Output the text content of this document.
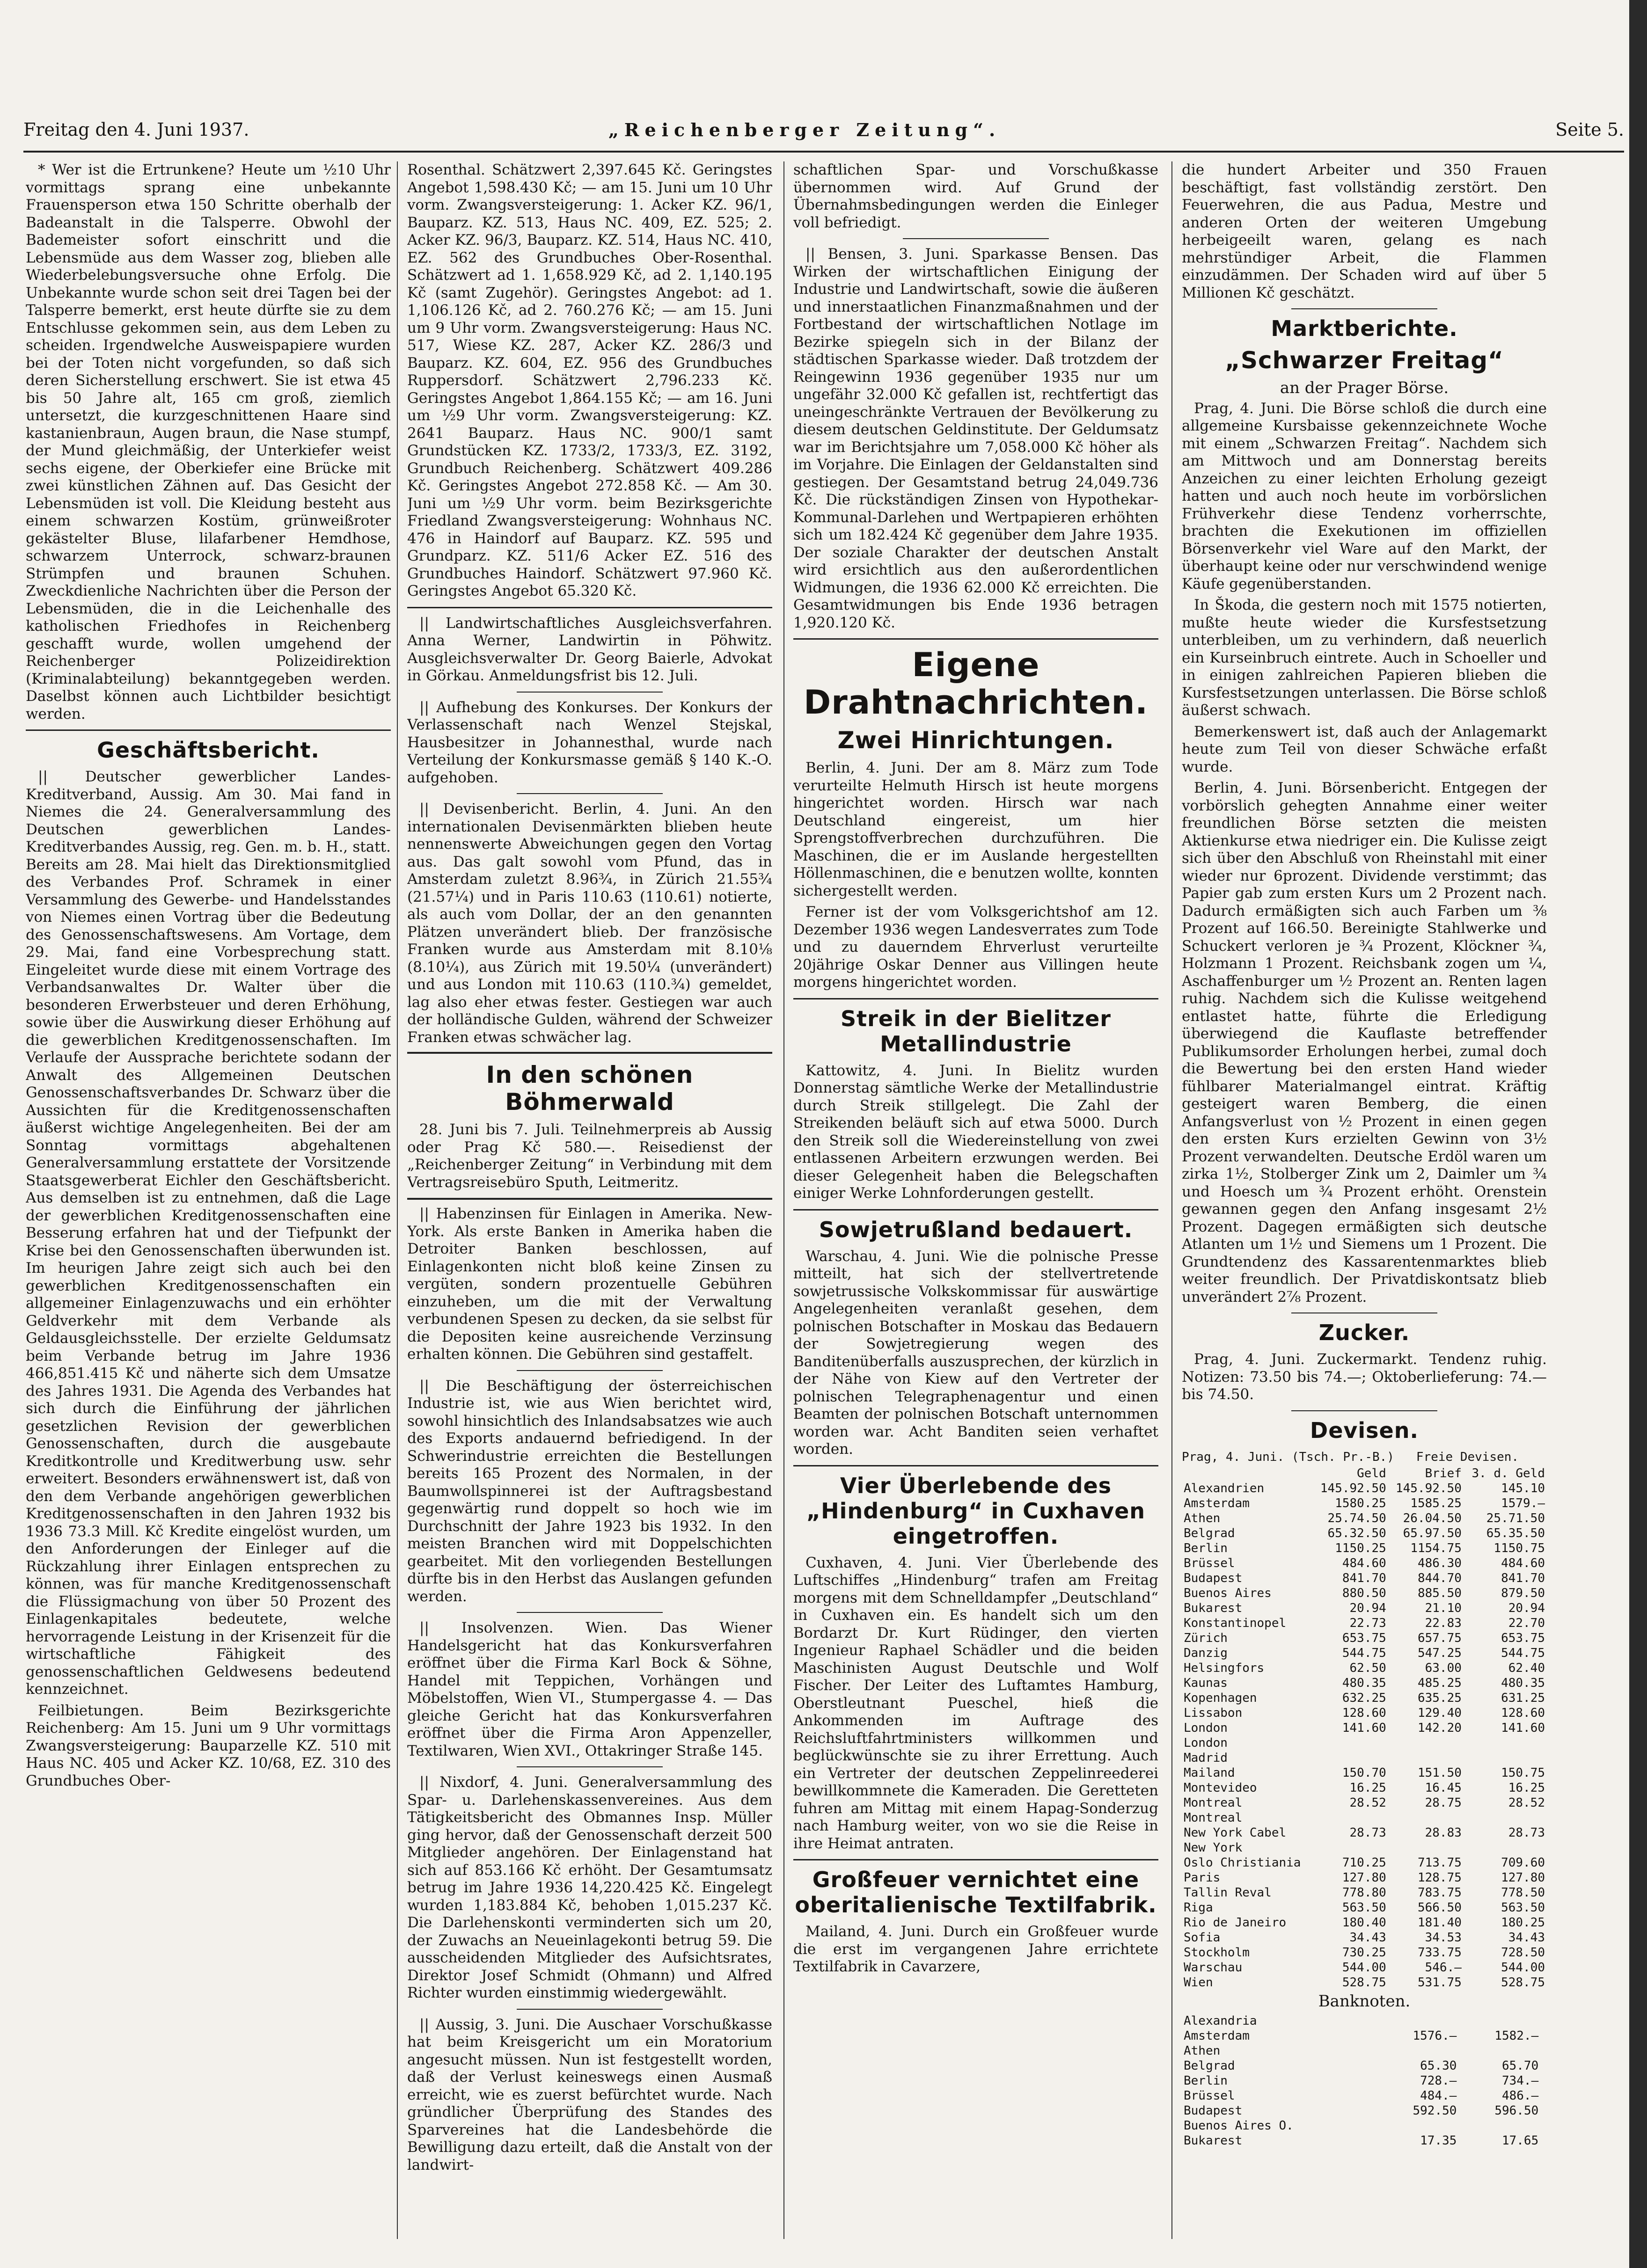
Freitag den 4. Juni 1937.	„Reichenberger Zeitung“.	Seite 5.

* Wer ist die Ertrunkene? Heute um ½10 Uhr vormittags sprang eine unbekannte Frauensperson etwa 150 Schritte oberhalb der Badeanstalt in die Talsperre. Obwohl der Bademeister sofort einschritt und die Lebensmüde aus dem Wasser zog, blieben alle Wiederbelebungsversuche ohne Erfolg. Die Unbekannte wurde schon seit drei Tagen bei der Talsperre bemerkt, erst heute dürfte sie zu dem Entschlusse gekommen sein, aus dem Leben zu scheiden. Irgendwelche Ausweispapiere wurden bei der Toten nicht vorgefunden, so daß sich deren Sicherstellung erschwert. Sie ist etwa 45 bis 50 Jahre alt, 165 cm groß, ziemlich untersetzt, die kurzgeschnittenen Haare sind kastanienbraun, Augen braun, die Nase stumpf, der Mund gleichmäßig, der Unterkiefer weist sechs eigene, der Oberkiefer eine Brücke mit zwei künstlichen Zähnen auf. Das Gesicht der Lebensmüden ist voll. Die Kleidung besteht aus einem schwarzen Kostüm, grünweißroter gekästelter Bluse, lilafarbener Hemdhose, schwarzem Unterrock, schwarz-braunen Strümpfen und braunen Schuhen. Zweckdienliche Nachrichten über die Person der Lebensmüden, die in die Leichenhalle des katholischen Friedhofes in Reichenberg geschafft wurde, wollen umgehend der Reichenberger Polizeidirektion (Kriminalabteilung) bekanntgegeben werden. Daselbst können auch Lichtbilder besichtigt werden.

Geschäftsbericht.

|| Deutscher gewerblicher Landes-Kreditverband, Aussig. Am 30. Mai fand in Niemes die 24. Generalversammlung des Deutschen gewerblichen Landes-Kreditverbandes Aussig, reg. Gen. m. b. H., statt. Bereits am 28. Mai hielt das Direktionsmitglied des Verbandes Prof. Schramek in einer Versammlung des Gewerbe- und Handelsstandes von Niemes einen Vortrag über die Bedeutung des Genossenschaftswesens. Am Vortage, dem 29. Mai, fand eine Vorbesprechung statt. Eingeleitet wurde diese mit einem Vortrage des Verbandsanwaltes Dr. Walter über die besonderen Erwerbsteuer und deren Erhöhung, sowie über die Auswirkung dieser Erhöhung auf die gewerblichen Kreditgenossenschaften. Im Verlaufe der Aussprache berichtete sodann der Anwalt des Allgemeinen Deutschen Genossenschaftsverbandes Dr. Schwarz über die Aussichten für die Kreditgenossenschaften äußerst wichtige Angelegenheiten. Bei der am Sonntag vormittags abgehaltenen Generalversammlung erstattete der Vorsitzende Staatsgewerberat Eichler den Geschäftsbericht. Aus demselben ist zu entnehmen, daß die Lage der gewerblichen Kreditgenossenschaften eine Besserung erfahren hat und der Tiefpunkt der Krise bei den Genossenschaften überwunden ist. Im heurigen Jahre zeigt sich auch bei den gewerblichen Kreditgenossenschaften ein allgemeiner Einlagenzuwachs und ein erhöhter Geldverkehr mit dem Verbande als Geldausgleichsstelle. Der erzielte Geldumsatz beim Verbande betrug im Jahre 1936 466,851.415 Kč und näherte sich dem Umsatze des Jahres 1931. Die Agenda des Verbandes hat sich durch die Einführung der jährlichen gesetzlichen Revision der gewerblichen Genossenschaften, durch die ausgebaute Kreditkontrolle und Kreditwerbung usw. sehr erweitert. Besonders erwähnenswert ist, daß von den dem Verbande angehörigen gewerblichen Kreditgenossenschaften in den Jahren 1932 bis 1936 73.3 Mill. Kč Kredite eingelöst wurden, um den Anforderungen der Einleger auf die Rückzahlung ihrer Einlagen entsprechen zu können, was für manche Kreditgenossenschaft die Flüssigmachung von über 50 Prozent des Einlagenkapitales bedeutete, welche hervorragende Leistung in der Krisenzeit für die wirtschaftliche Fähigkeit des genossenschaftlichen Geldwesens bedeutend kennzeichnet.

Feilbietungen. Beim Bezirksgerichte Reichenberg: Am 15. Juni um 9 Uhr vormittags Zwangsversteigerung: Bauparzelle KZ. 510 mit Haus NC. 405 und Acker KZ. 10/68, EZ. 310 des Grundbuches Ober-

Rosenthal. Schätzwert 2,397.645 Kč. Geringstes Angebot 1,598.430 Kč; — am 15. Juni um 10 Uhr vorm. Zwangsversteigerung: 1. Acker KZ. 96/1, Bauparz. KZ. 513, Haus NC. 409, EZ. 525; 2. Acker KZ. 96/3, Bauparz. KZ. 514, Haus NC. 410, EZ. 562 des Grundbuches Ober-Rosenthal. Schätzwert ad 1. 1,658.929 Kč, ad 2. 1,140.195 Kč (samt Zugehör). Geringstes Angebot: ad 1. 1,106.126 Kč, ad 2. 760.276 Kč; — am 15. Juni um 9 Uhr vorm. Zwangsversteigerung: Haus NC. 517, Wiese KZ. 287, Acker KZ. 286/3 und Bauparz. KZ. 604, EZ. 956 des Grundbuches Ruppersdorf. Schätzwert 2,796.233 Kč. Geringstes Angebot 1,864.155 Kč; — am 16. Juni um ½9 Uhr vorm. Zwangsversteigerung: KZ. 2641 Bauparz. Haus NC. 900/1 samt Grundstücken KZ. 1733/2, 1733/3, EZ. 3192, Grundbuch Reichenberg. Schätzwert 409.286 Kč. Geringstes Angebot 272.858 Kč. — Am 30. Juni um ½9 Uhr vorm. beim Bezirksgerichte Friedland Zwangsversteigerung: Wohnhaus NC. 476 in Haindorf auf Bauparz. KZ. 595 und Grundparz. KZ. 511/6 Acker EZ. 516 des Grundbuches Haindorf. Schätzwert 97.960 Kč. Geringstes Angebot 65.320 Kč.

|| Landwirtschaftliches Ausgleichsverfahren. Anna Werner, Landwirtin in Pöhwitz. Ausgleichsverwalter Dr. Georg Baierle, Advokat in Görkau. Anmeldungsfrist bis 12. Juli.

|| Aufhebung des Konkurses. Der Konkurs der Verlassenschaft nach Wenzel Stejskal, Hausbesitzer in Johannesthal, wurde nach Verteilung der Konkursmasse gemäß § 140 K.-O. aufgehoben.

|| Devisenbericht. Berlin, 4. Juni. An den internationalen Devisenmärkten blieben heute nennenswerte Abweichungen gegen den Vortag aus. Das galt sowohl vom Pfund, das in Amsterdam zuletzt 8.96¾, in Zürich 21.55¾ (21.57¼) und in Paris 110.63 (110.61) notierte, als auch vom Dollar, der an den genannten Plätzen unverändert blieb. Der französische Franken wurde aus Amsterdam mit 8.10⅛ (8.10¼), aus Zürich mit 19.50¼ (unverändert) und aus London mit 110.63 (110.¾) gemeldet, lag also eher etwas fester. Gestiegen war auch der holländische Gulden, während der Schweizer Franken etwas schwächer lag.

In den schönen Böhmerwald

28. Juni bis 7. Juli. Teilnehmerpreis ab Aussig oder Prag Kč 580.—. Reisedienst der „Reichenberger Zeitung“ in Verbindung mit dem Vertragsreisebüro Sputh, Leitmeritz.

|| Habenzinsen für Einlagen in Amerika. New-York. Als erste Banken in Amerika haben die Detroiter Banken beschlossen, auf Einlagenkonten nicht bloß keine Zinsen zu vergüten, sondern prozentuelle Gebühren einzuheben, um die mit der Verwaltung verbundenen Spesen zu decken, da sie selbst für die Depositen keine ausreichende Verzinsung erhalten können. Die Gebühren sind gestaffelt.

|| Die Beschäftigung der österreichischen Industrie ist, wie aus Wien berichtet wird, sowohl hinsichtlich des Inlandsabsatzes wie auch des Exports andauernd befriedigend. In der Schwerindustrie erreichten die Bestellungen bereits 165 Prozent des Normalen, in der Baumwollspinnerei ist der Auftragsbestand gegenwärtig rund doppelt so hoch wie im Durchschnitt der Jahre 1923 bis 1932. In den meisten Branchen wird mit Doppelschichten gearbeitet. Mit den vorliegenden Bestellungen dürfte bis in den Herbst das Auslangen gefunden werden.

|| Insolvenzen. Wien. Das Wiener Handelsgericht hat das Konkursverfahren eröffnet über die Firma Karl Bock & Söhne, Handel mit Teppichen, Vorhängen und Möbelstoffen, Wien VI., Stumpergasse 4. — Das gleiche Gericht hat das Konkursverfahren eröffnet über die Firma Aron Appenzeller, Textilwaren, Wien XVI., Ottakringer Straße 145.

|| Nixdorf, 4. Juni. Generalversammlung des Spar- u. Darlehenskassenvereines. Aus dem Tätigkeitsbericht des Obmannes Insp. Müller ging hervor, daß der Genossenschaft derzeit 500 Mitglieder angehören. Der Einlagenstand hat sich auf 853.166 Kč erhöht. Der Gesamtumsatz betrug im Jahre 1936 14,220.425 Kč. Eingelegt wurden 1,183.884 Kč, behoben 1,015.237 Kč. Die Darlehenskonti verminderten sich um 20, der Zuwachs an Neueinlagekonti betrug 59. Die ausscheidenden Mitglieder des Aufsichtsrates, Direktor Josef Schmidt (Ohmann) und Alfred Richter wurden einstimmig wiedergewählt.

|| Aussig, 3. Juni. Die Auschaer Vorschußkasse hat beim Kreisgericht um ein Moratorium angesucht müssen. Nun ist festgestellt worden, daß der Verlust keineswegs einen Ausmaß erreicht, wie es zuerst befürchtet wurde. Nach gründlicher Überprüfung des Standes des Sparvereines hat die Landesbehörde die Bewilligung dazu erteilt, daß die Anstalt von der landwirt-

schaftlichen Spar- und Vorschußkasse übernommen wird. Auf Grund der Übernahmsbedingungen werden die Einleger voll befriedigt.

|| Bensen, 3. Juni. Sparkasse Bensen. Das Wirken der wirtschaftlichen Einigung der Industrie und Landwirtschaft, sowie die äußeren und innerstaatlichen Finanzmaßnahmen und der Fortbestand der wirtschaftlichen Notlage im Bezirke spiegeln sich in der Bilanz der städtischen Sparkasse wieder. Daß trotzdem der Reingewinn 1936 gegenüber 1935 nur um ungefähr 32.000 Kč gefallen ist, rechtfertigt das uneingeschränkte Vertrauen der Bevölkerung zu diesem deutschen Geldinstitute. Der Geldumsatz war im Berichtsjahre um 7,058.000 Kč höher als im Vorjahre. Die Einlagen der Geldanstalten sind gestiegen. Der Gesamtstand betrug 24,049.736 Kč. Die rückständigen Zinsen von Hypothekar-Kommunal-Darlehen und Wertpapieren erhöhten sich um 182.424 Kč gegenüber dem Jahre 1935. Der soziale Charakter der deutschen Anstalt wird ersichtlich aus den außerordentlichen Widmungen, die 1936 62.000 Kč erreichten. Die Gesamtwidmungen bis Ende 1936 betragen 1,920.120 Kč.

Eigene Drahtnachrichten.
Zwei Hinrichtungen.

Berlin, 4. Juni. Der am 8. März zum Tode verurteilte Helmuth Hirsch ist heute morgens hingerichtet worden. Hirsch war nach Deutschland eingereist, um hier Sprengstoffverbrechen durchzuführen. Die Maschinen, die er im Auslande hergestellten Höllenmaschinen, die e benutzen wollte, konnten sichergestellt werden.

Ferner ist der vom Volksgerichtshof am 12. Dezember 1936 wegen Landesverrates zum Tode und zu dauerndem Ehrverlust verurteilte 20jährige Oskar Denner aus Villingen heute morgens hingerichtet worden.

Streik in der Bielitzer Metallindustrie

Kattowitz, 4. Juni. In Bielitz wurden Donnerstag sämtliche Werke der Metallindustrie durch Streik stillgelegt. Die Zahl der Streikenden beläuft sich auf etwa 5000. Durch den Streik soll die Wiedereinstellung von zwei entlassenen Arbeitern erzwungen werden. Bei dieser Gelegenheit haben die Belegschaften einiger Werke Lohnforderungen gestellt.

Sowjetrußland bedauert.

Warschau, 4. Juni. Wie die polnische Presse mitteilt, hat sich der stellvertretende sowjetrussische Volkskommissar für auswärtige Angelegenheiten veranlaßt gesehen, dem polnischen Botschafter in Moskau das Bedauern der Sowjetregierung wegen des Banditenüberfalls auszusprechen, der kürzlich in der Nähe von Kiew auf den Vertreter der polnischen Telegraphenagentur und einen Beamten der polnischen Botschaft unternommen worden war. Acht Banditen seien verhaftet worden.

Vier Überlebende des „Hindenburg“ in Cuxhaven eingetroffen.

Cuxhaven, 4. Juni. Vier Überlebende des Luftschiffes „Hindenburg“ trafen am Freitag morgens mit dem Schnelldampfer „Deutschland“ in Cuxhaven ein. Es handelt sich um den Bordarzt Dr. Kurt Rüdinger, den vierten Ingenieur Raphael Schädler und die beiden Maschinisten August Deutschle und Wolf Fischer. Der Leiter des Luftamtes Hamburg, Oberstleutnant Pueschel, hieß die Ankommenden im Auftrage des Reichsluftfahrtministers willkommen und beglückwünschte sie zu ihrer Errettung. Auch ein Vertreter der deutschen Zeppelinreederei bewillkommnete die Kameraden. Die Geretteten fuhren am Mittag mit einem Hapag-Sonderzug nach Hamburg weiter, von wo sie die Reise in ihre Heimat antraten.

Großfeuer vernichtet eine oberitalienische Textilfabrik.

Mailand, 4. Juni. Durch ein Großfeuer wurde die erst im vergangenen Jahre errichtete Textilfabrik in Cavarzere,

die hundert Arbeiter und 350 Frauen beschäftigt, fast vollständig zerstört. Den Feuerwehren, die aus Padua, Mestre und anderen Orten der weiteren Umgebung herbeigeeilt waren, gelang es nach mehrstündiger Arbeit, die Flammen einzudämmen. Der Schaden wird auf über 5 Millionen Kč geschätzt.

Marktberichte.
„Schwarzer Freitag“
an der Prager Börse.

Prag, 4. Juni. Die Börse schloß die durch eine allgemeine Kursbaisse gekennzeichnete Woche mit einem „Schwarzen Freitag“. Nachdem sich am Mittwoch und am Donnerstag bereits Anzeichen zu einer leichten Erholung gezeigt hatten und auch noch heute im vorbörslichen Frühverkehr diese Tendenz vorherrschte, brachten die Exekutionen im offiziellen Börsenverkehr viel Ware auf den Markt, der überhaupt keine oder nur verschwindend wenige Käufe gegenüberstanden.

In Škoda, die gestern noch mit 1575 notierten, mußte heute wieder die Kursfestsetzung unterbleiben, um zu verhindern, daß neuerlich ein Kurseinbruch eintrete. Auch in Schoeller und in einigen zahlreichen Papieren blieben die Kursfestsetzungen unterlassen. Die Börse schloß äußerst schwach.

Bemerkenswert ist, daß auch der Anlagemarkt heute zum Teil von dieser Schwäche erfaßt wurde.

Berlin, 4. Juni. Börsenbericht. Entgegen der vorbörslich gehegten Annahme einer weiter freundlichen Börse setzten die meisten Aktienkurse etwa niedriger ein. Die Kulisse zeigt sich über den Abschluß von Rheinstahl mit einer wieder nur 6prozent. Dividende verstimmt; das Papier gab zum ersten Kurs um 2 Prozent nach. Dadurch ermäßigten sich auch Farben um ⅜ Prozent auf 166.50. Bereinigte Stahlwerke und Schuckert verloren je ¾ Prozent, Klöckner ¾, Holzmann 1 Prozent. Reichsbank zogen um ¼, Aschaffenburger um ½ Prozent an. Renten lagen ruhig. Nachdem sich die Kulisse weitgehend entlastet hatte, führte die Erledigung überwiegend die Kauflaste betreffender Publikumsorder Erholungen herbei, zumal doch die Bewertung bei den ersten Hand wieder fühlbarer Materialmangel eintrat. Kräftig gesteigert waren Bemberg, die einen Anfangsverlust von ½ Prozent in einen gegen den ersten Kurs erzielten Gewinn von 3½ Prozent verwandelten. Deutsche Erdöl waren um zirka 1½, Stolberger Zink um 2, Daimler um ¾ und Hoesch um ¾ Prozent erhöht. Orenstein gewannen gegen den Anfang insgesamt 2½ Prozent. Dagegen ermäßigten sich deutsche Atlanten um 1½ und Siemens um 1 Prozent. Die Grundtendenz des Kassarentenmarktes blieb weiter freundlich. Der Privatdiskontsatz blieb unverändert 2⅞ Prozent.

Zucker.

Prag, 4. Juni. Zuckermarkt. Tendenz ruhig. Notizen: 73.50 bis 74.—; Oktoberlieferung: 74.— bis 74.50.

Devisen.
Prag, 4. Juni. (Tsch. Pr.-B.) Freie Devisen.
	Geld	Brief	3. d. Geld
Alexandrien	145.92.50	145.92.50	145.10
Amsterdam	1580.25	1585.25	1579.—
Athen	25.74.50	26.04.50	25.71.50
Belgrad	65.32.50	65.97.50	65.35.50
Berlin	1150.25	1154.75	1150.75
Brüssel	484.60	486.30	484.60
Budapest	841.70	844.70	841.70
Buenos Aires	880.50	885.50	879.50
Bukarest	20.94	21.10	20.94
Konstantinopel	22.73	22.83	22.70
Zürich	653.75	657.75	653.75
Danzig	544.75	547.25	544.75
Helsingfors	62.50	63.00	62.40
Kaunas	480.35	485.25	480.35
Kopenhagen	632.25	635.25	631.25
Lissabon	128.60	129.40	128.60
London	141.60	142.20	141.60
London			
Madrid			
Mailand	150.70	151.50	150.75
Montevideo	16.25	16.45	16.25
Montreal	28.52	28.75	28.52
Montreal			
New York Cabel	28.73	28.83	28.73
New York			
Oslo Christiania	710.25	713.75	709.60
Paris	127.80	128.75	127.80
Tallin Reval	778.80	783.75	778.50
Riga	563.50	566.50	563.50
Rio de Janeiro	180.40	181.40	180.25
Sofia	34.43	34.53	34.43
Stockholm	730.25	733.75	728.50
Warschau	544.00	546.—	544.00
Wien	528.75	531.75	528.75
Banknoten.
Alexandria			
Amsterdam	1576.—	1582.—	
Athen			
Belgrad	65.30	65.70	
Berlin	728.—	734.—	
Brüssel	484.—	486.—	
Budapest	592.50	596.50	
Buenos Aires O.			
Bukarest	17.35	17.65	
